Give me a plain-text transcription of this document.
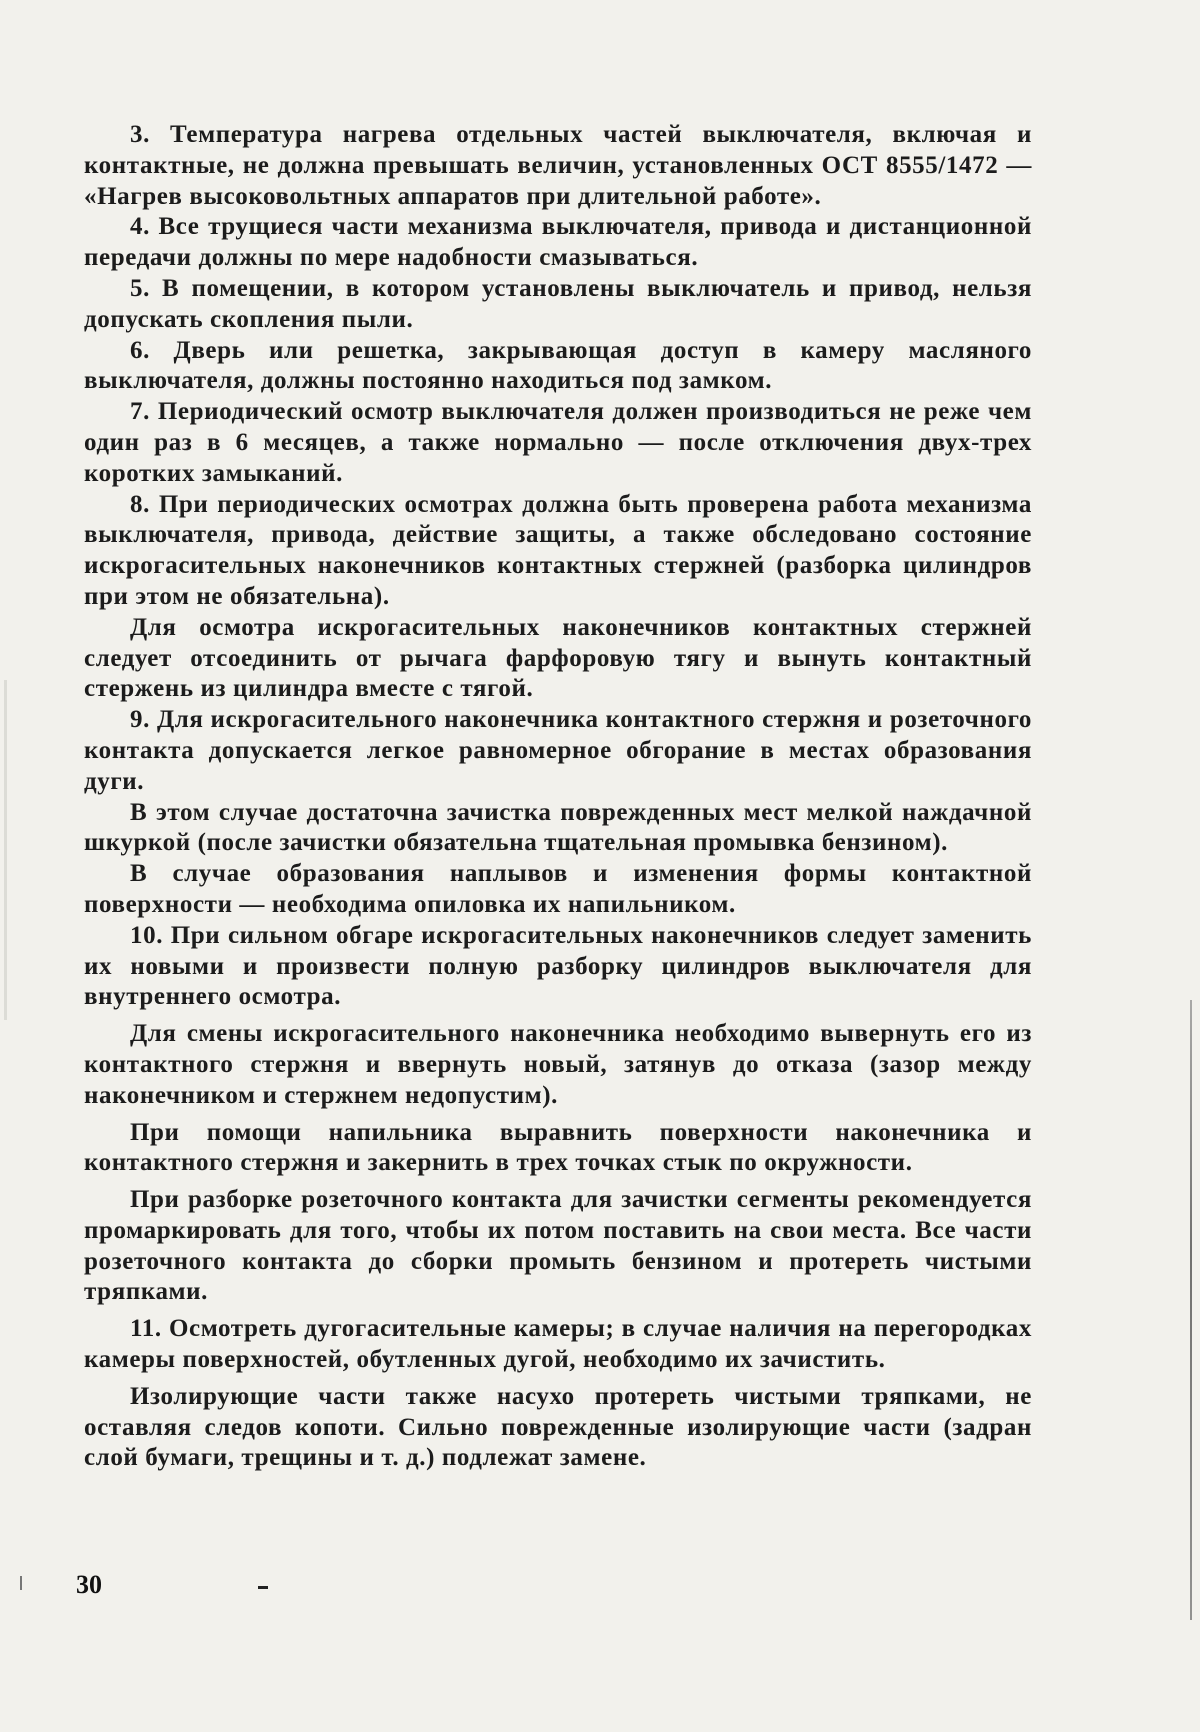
3. Температура нагрева отдельных частей выключателя, включая и контактные, не должна превышать величин, установленных ОСТ 8555/1472 — «Нагрев высоковольтных аппаратов при длительной работе».

4. Все трущиеся части механизма выключателя, привода и дистанционной передачи должны по мере надобности смазываться.

5. В помещении, в котором установлены выключатель и привод, нельзя допускать скопления пыли.

6. Дверь или решетка, закрывающая доступ в камеру масляного выключателя, должны постоянно находиться под замком.

7. Периодический осмотр выключателя должен производиться не реже чем один раз в 6 месяцев, а также нормально — после отключения двух-трех коротких замыканий.

8. При периодических осмотрах должна быть проверена работа механизма выключателя, привода, действие защиты, а также обследовано состояние искрогасительных наконечников контактных стержней (разборка цилиндров при этом не обязательна).

Для осмотра искрогасительных наконечников контактных стержней следует отсоединить от рычага фарфоровую тягу и вынуть контактный стержень из цилиндра вместе с тягой.

9. Для искрогасительного наконечника контактного стержня и розеточного контакта допускается легкое равномерное обгорание в местах образования дуги.

В этом случае достаточна зачистка поврежденных мест мелкой наждачной шкуркой (после зачистки обязательна тщательная промывка бензином).

В случае образования наплывов и изменения формы контактной поверхности — необходима опиловка их напильником.

10. При сильном обгаре искрогасительных наконечников следует заменить их новыми и произвести полную разборку цилиндров выключателя для внутреннего осмотра.

Для смены искрогасительного наконечника необходимо вывернуть его из контактного стержня и ввернуть новый, затянув до отказа (зазор между наконечником и стержнем недопустим).

При помощи напильника выравнить поверхности наконечника и контактного стержня и закернить в трех точках стык по окружности.

При разборке розеточного контакта для зачистки сегменты рекомендуется промаркировать для того, чтобы их потом поставить на свои места. Все части розеточного контакта до сборки промыть бензином и протереть чистыми тряпками.

11. Осмотреть дугогасительные камеры; в случае наличия на перегородках камеры поверхностей, обутленных дугой, необходимо их зачистить.

Изолирующие части также насухо протереть чистыми тряпками, не оставляя следов копоти. Сильно поврежденные изолирующие части (задран слой бумаги, трещины и т. д.) подлежат замене.

30
